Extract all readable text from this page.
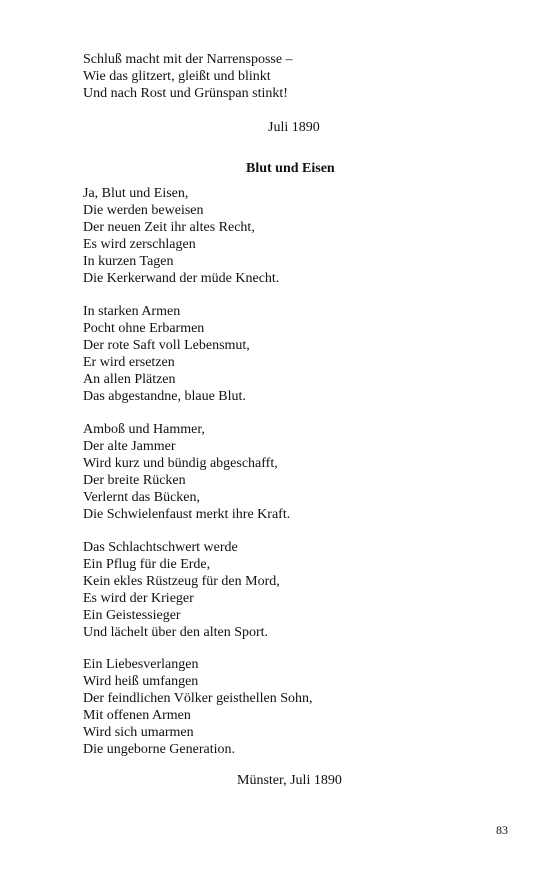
Schluß macht mit der Narrensposse –
Wie das glitzert, gleißt und blinkt
Und nach Rost und Grünspan stinkt!
Juli 1890
Blut und Eisen
Ja, Blut und Eisen,
Die werden beweisen
Der neuen Zeit ihr altes Recht,
Es wird zerschlagen
In kurzen Tagen
Die Kerkerwand der müde Knecht.
In starken Armen
Pocht ohne Erbarmen
Der rote Saft voll Lebensmut,
Er wird ersetzen
An allen Plätzen
Das abgestandne, blaue Blut.
Amboß und Hammer,
Der alte Jammer
Wird kurz und bündig abgeschafft,
Der breite Rücken
Verlernt das Bücken,
Die Schwielenfaust merkt ihre Kraft.
Das Schlachtschwert werde
Ein Pflug für die Erde,
Kein ekles Rüstzeug für den Mord,
Es wird der Krieger
Ein Geistessieger
Und lächelt über den alten Sport.
Ein Liebesverlangen
Wird heiß umfangen
Der feindlichen Völker geisthellen Sohn,
Mit offenen Armen
Wird sich umarmen
Die ungeborne Generation.
Münster, Juli 1890
83
